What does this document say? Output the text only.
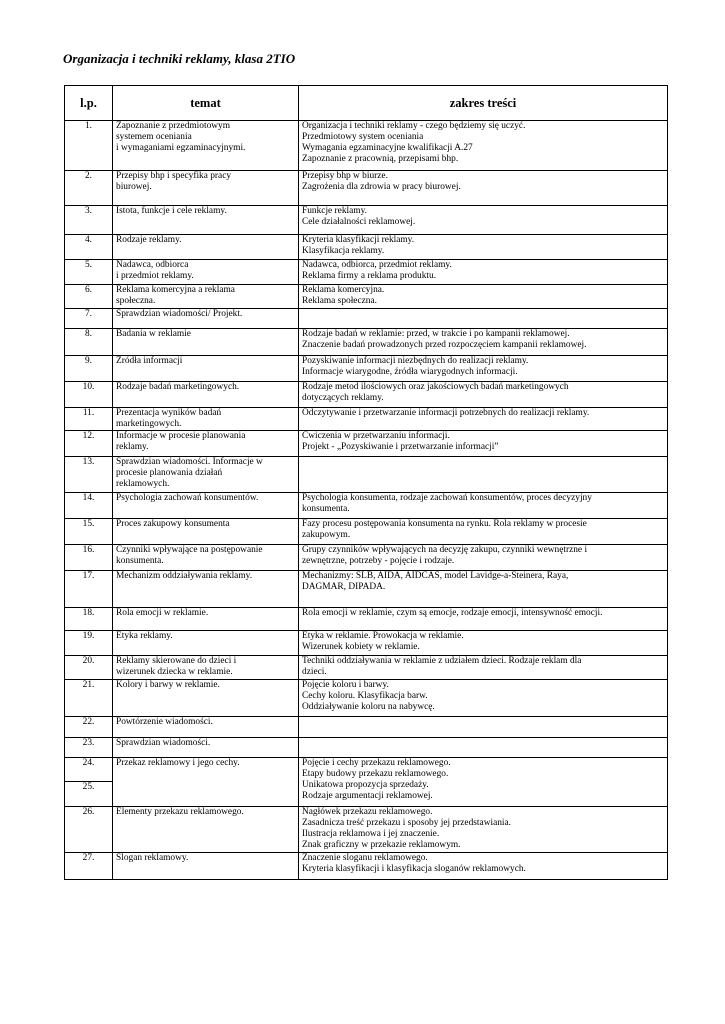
Organizacja i techniki reklamy, klasa 2TIO
l.p.	temat	zakres treści
1.	Zapoznanie z przedmiotowym
systemem oceniania
i wymaganiami egzaminacyjnymi.	Organizacja i techniki reklamy - czego będziemy się uczyć.
Przedmiotowy system oceniania
Wymagania egzaminacyjne kwalifikacji A.27
Zapoznanie z pracownią, przepisami bhp.

2.	Przepisy bhp i specyfika pracy
biurowej.	Przepisy bhp w biurze.
Zagrożenia dla zdrowia w pracy biurowej.

3.	Istota, funkcje i cele reklamy.	Funkcje reklamy.
Cele działalności reklamowej.

4.	Rodzaje reklamy.	Kryteria klasyfikacji reklamy.
Klasyfikacja reklamy.

5.	Nadawca, odbiorca
i przedmiot reklamy.	Nadawca, odbiorca, przedmiot reklamy.
Reklama firmy a reklama produktu.

6.	Reklama komercyjna a reklama
społeczna.	Reklama komercyjna.
Reklama społeczna.

7.	Sprawdzian wiadomości/ Projekt.	

8.	Badania w reklamie	Rodzaje badań w reklamie: przed, w trakcie i po kampanii reklamowej.
Znaczenie badań prowadzonych przed rozpoczęciem kampanii reklamowej.

9.	Źródła informacji	Pozyskiwanie informacji niezbędnych do realizacji reklamy.
Informacje wiarygodne, źródła wiarygodnych informacji.

10.	Rodzaje badań marketingowych.	Rodzaje metod ilościowych oraz jakościowych badań marketingowych
dotyczących reklamy.

11.	Prezentacja wyników badań
marketingowych.	Odczytywanie i przetwarzanie informacji potrzebnych do realizacji reklamy.

12.	Informacje w procesie planowania
reklamy.	Ćwiczenia w przetwarzaniu informacji.
Projekt - „Pozyskiwanie i przetwarzanie informacji”

13.	Sprawdzian wiadomości. Informacje w
procesie planowania działań
reklamowych.	

14.	Psychologia zachowań konsumentów.	Psychologia konsumenta, rodzaje zachowań konsumentów, proces decyzyjny
konsumenta.

15.	Proces zakupowy konsumenta	Fazy procesu postępowania konsumenta na rynku. Rola reklamy w procesie
zakupowym.

16.	Czynniki wpływające na postępowanie
konsumenta.	Grupy czynników wpływających na decyzję zakupu, czynniki wewnętrzne i
zewnętrzne, potrzeby - pojęcie i rodzaje.

17.	Mechanizm oddziaływania reklamy.	Mechanizmy: SLB, AIDA, AIDCAS, model Lavidge-a-Steinera, Raya,
DAGMAR, DIPADA.

18.	Rola emocji w reklamie.	Rola emocji w reklamie, czym są emocje, rodzaje emocji, intensywność emocji.

19.	Etyka reklamy.	Etyka w reklamie. Prowokacja w reklamie.
Wizerunek kobiety w reklamie.

20.	Reklamy skierowane do dzieci i
wizerunek dziecka w reklamie.	Techniki oddziaływania w reklamie z udziałem dzieci. Rodzaje reklam dla
dzieci.

21.	Kolory i barwy w reklamie.	Pojęcie koloru i barwy.
Cechy koloru. Klasyfikacja barw.
Oddziaływanie koloru na nabywcę.

22.	Powtórzenie wiadomości.	

23.	Sprawdzian wiadomości.	

24.	Przekaz reklamowy i jego cechy.	Pojęcie i cechy przekazu reklamowego.
Etapy budowy przekazu reklamowego.
Unikatowa propozycja sprzedaży.
Rodzaje argumentacji reklamowej.

25.		
26.	Elementy przekazu reklamowego.	Nagłówek przekazu reklamowego.
Zasadnicza treść przekazu i sposoby jej przedstawiania.
Ilustracja reklamowa i jej znaczenie.
Znak graficzny w przekazie reklamowym.

27.	Slogan reklamowy.	Znaczenie sloganu reklamowego.
Kryteria klasyfikacji i klasyfikacja sloganów reklamowych.
